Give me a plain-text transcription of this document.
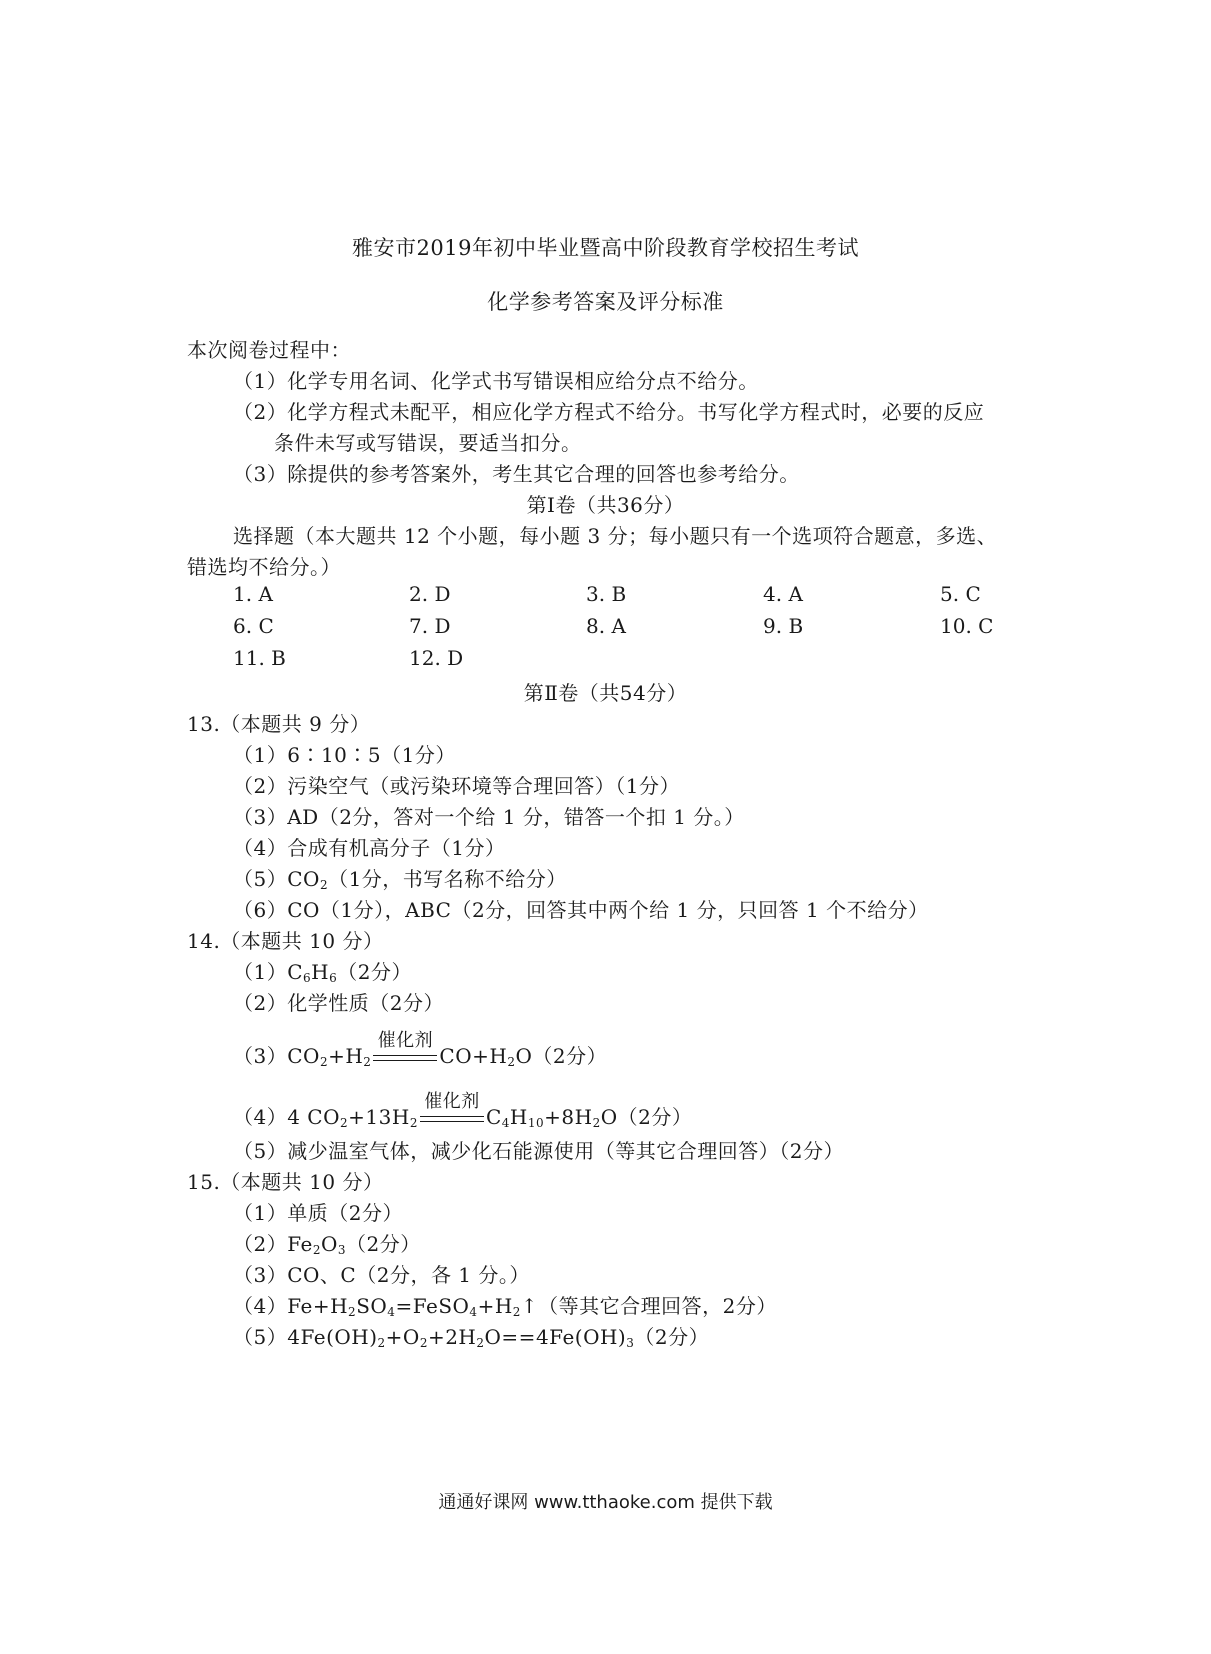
雅安市2019年初中毕业暨高中阶段教育学校招生考试
化学参考答案及评分标准
本次阅卷过程中：
（1）化学专用名词、化学式书写错误相应给分点不给分。
（2）化学方程式未配平，相应化学方程式不给分。书写化学方程式时，必要的反应
条件未写或写错误，要适当扣分。
（3）除提供的参考答案外，考生其它合理的回答也参考给分。
第Ⅰ卷（共36分）
选择题（本大题共 12 个小题，每小题 3 分；每小题只有一个选项符合题意，多选、
错选均不给分。）
1. A	2. D	3. B	4. A	5. C
6. C	7. D	8. A	9. B	10. C
11. B	12. D
第Ⅱ卷（共54分）
13.（本题共 9 分）
（1）6∶10∶5（1分）
（2）污染空气（或污染环境等合理回答）（1分）
（3）AD（2分，答对一个给 1 分，错答一个扣 1 分。）
（4）合成有机高分子（1分）
$(5)CO_2(1$分，书写名称不给分）
（6）CO（1分），ABC（2分，回答其中两个给 1 分，只回答 1 个不给分）
14.（本题共 10 分）
$(1)C_6H_6(2$分）
（2）化学性质（2分）
$(3)CO_2+H_2$
催化剂
$CO+H_2O(2$分）
（4）4 $CO_2+13H_2$
催化剂
$C_4H_{10}+8H_2O(2$分）
（5）减少温室气体，减少化石能源使用（等其它合理回答）（2分）
15.（本题共 10 分）
（1）单质（2分）
$(2)Fe_2O_3(2$分）
（3）CO、C（2分，各 1 分。）
$(4)Fe+H_2SO_4=FeSO_4+H_2↑$（等其它合理回答，2分）
$(5)4Fe(OH)_2+O_2+2H_2O==4Fe(OH)_3(2$分）
通通好课网 www.tthaoke.com 提供下载
